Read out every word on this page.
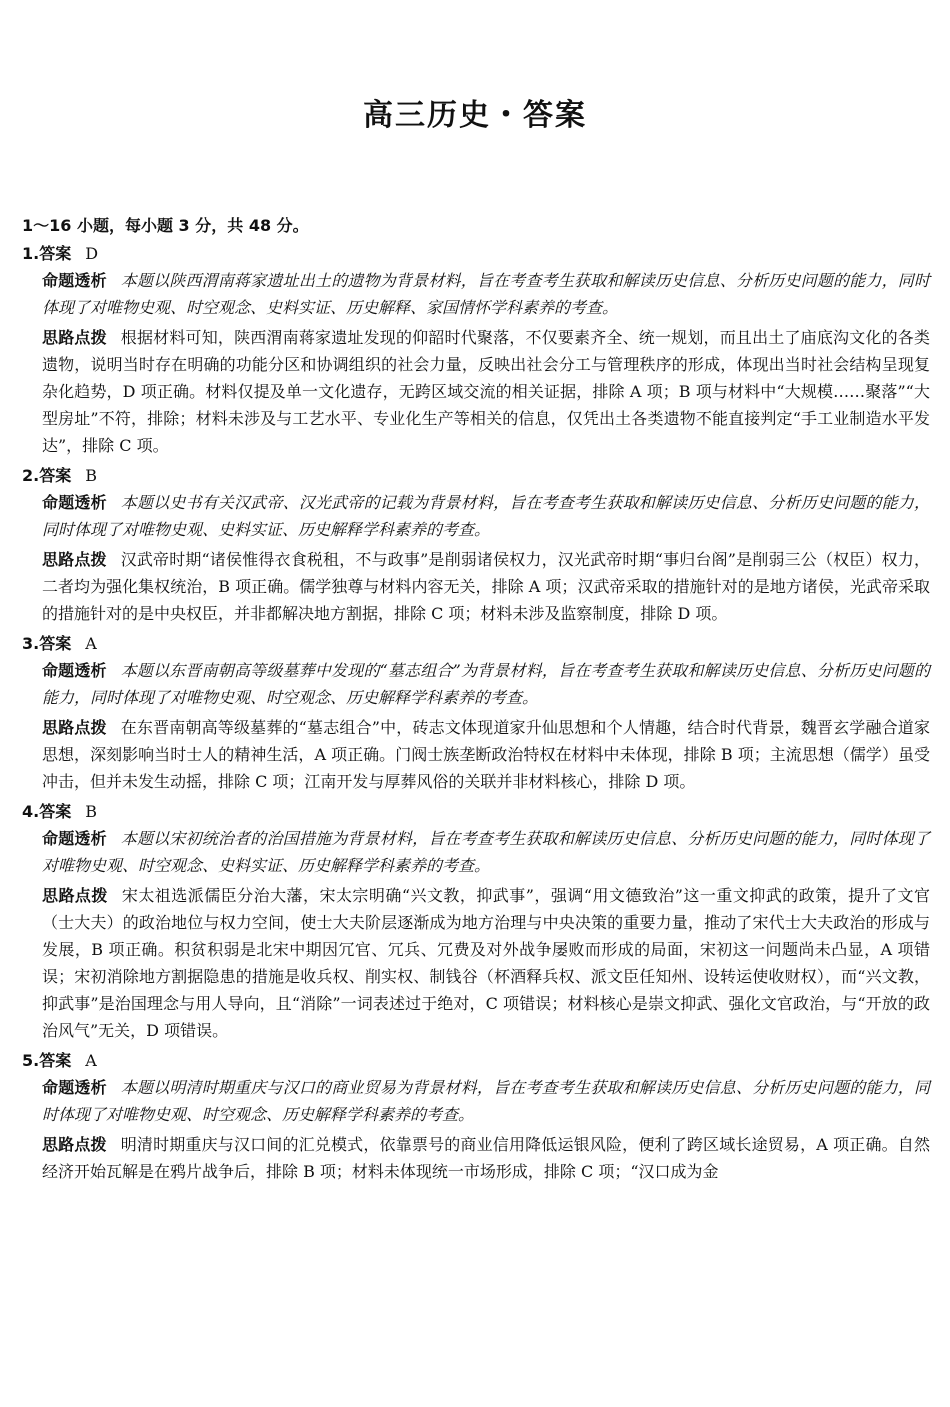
高三历史・答案
1～16 小题，每小题 3 分，共 48 分。
1.答案 D
命题透析 本题以陕西渭南蒋家遗址出土的遗物为背景材料，旨在考查考生获取和解读历史信息、分析历史问题的能力，同时体现了对唯物史观、时空观念、史料实证、历史解释、家国情怀学科素养的考查。
思路点拨 根据材料可知，陕西渭南蒋家遗址发现的仰韶时代聚落，不仅要素齐全、统一规划，而且出土了庙底沟文化的各类遗物，说明当时存在明确的功能分区和协调组织的社会力量，反映出社会分工与管理秩序的形成，体现出当时社会结构呈现复杂化趋势，D 项正确。材料仅提及单一文化遗存，无跨区域交流的相关证据，排除 A 项；B 项与材料中“大规模……聚落”“大型房址”不符，排除；材料未涉及与工艺水平、专业化生产等相关的信息，仅凭出土各类遗物不能直接判定“手工业制造水平发达”，排除 C 项。
2.答案 B
命题透析 本题以史书有关汉武帝、汉光武帝的记载为背景材料，旨在考查考生获取和解读历史信息、分析历史问题的能力，同时体现了对唯物史观、史料实证、历史解释学科素养的考查。
思路点拨 汉武帝时期“诸侯惟得衣食税租，不与政事”是削弱诸侯权力，汉光武帝时期“事归台阁”是削弱三公（权臣）权力，二者均为强化集权统治，B 项正确。儒学独尊与材料内容无关，排除 A 项；汉武帝采取的措施针对的是地方诸侯，光武帝采取的措施针对的是中央权臣，并非都解决地方割据，排除 C 项；材料未涉及监察制度，排除 D 项。
3.答案 A
命题透析 本题以东晋南朝高等级墓葬中发现的“墓志组合”为背景材料，旨在考查考生获取和解读历史信息、分析历史问题的能力，同时体现了对唯物史观、时空观念、历史解释学科素养的考查。
思路点拨 在东晋南朝高等级墓葬的“墓志组合”中，砖志文体现道家升仙思想和个人情趣，结合时代背景，魏晋玄学融合道家思想，深刻影响当时士人的精神生活，A 项正确。门阀士族垄断政治特权在材料中未体现，排除 B 项；主流思想（儒学）虽受冲击，但并未发生动摇，排除 C 项；江南开发与厚葬风俗的关联并非材料核心，排除 D 项。
4.答案 B
命题透析 本题以宋初统治者的治国措施为背景材料，旨在考查考生获取和解读历史信息、分析历史问题的能力，同时体现了对唯物史观、时空观念、史料实证、历史解释学科素养的考查。
思路点拨 宋太祖选派儒臣分治大藩，宋太宗明确“兴文教，抑武事”，强调“用文德致治”这一重文抑武的政策，提升了文官（士大夫）的政治地位与权力空间，使士大夫阶层逐渐成为地方治理与中央决策的重要力量，推动了宋代士大夫政治的形成与发展，B 项正确。积贫积弱是北宋中期因冗官、冗兵、冗费及对外战争屡败而形成的局面，宋初这一问题尚未凸显，A 项错误；宋初消除地方割据隐患的措施是收兵权、削实权、制钱谷（杯酒释兵权、派文臣任知州、设转运使收财权），而“兴文教，抑武事”是治国理念与用人导向，且“消除”一词表述过于绝对，C 项错误；材料核心是崇文抑武、强化文官政治，与“开放的政治风气”无关，D 项错误。
5.答案 A
命题透析 本题以明清时期重庆与汉口的商业贸易为背景材料，旨在考查考生获取和解读历史信息、分析历史问题的能力，同时体现了对唯物史观、时空观念、历史解释学科素养的考查。
思路点拨 明清时期重庆与汉口间的汇兑模式，依靠票号的商业信用降低运银风险，便利了跨区域长途贸易，A 项正确。自然经济开始瓦解是在鸦片战争后，排除 B 项；材料未体现统一市场形成，排除 C 项；“汉口成为金
